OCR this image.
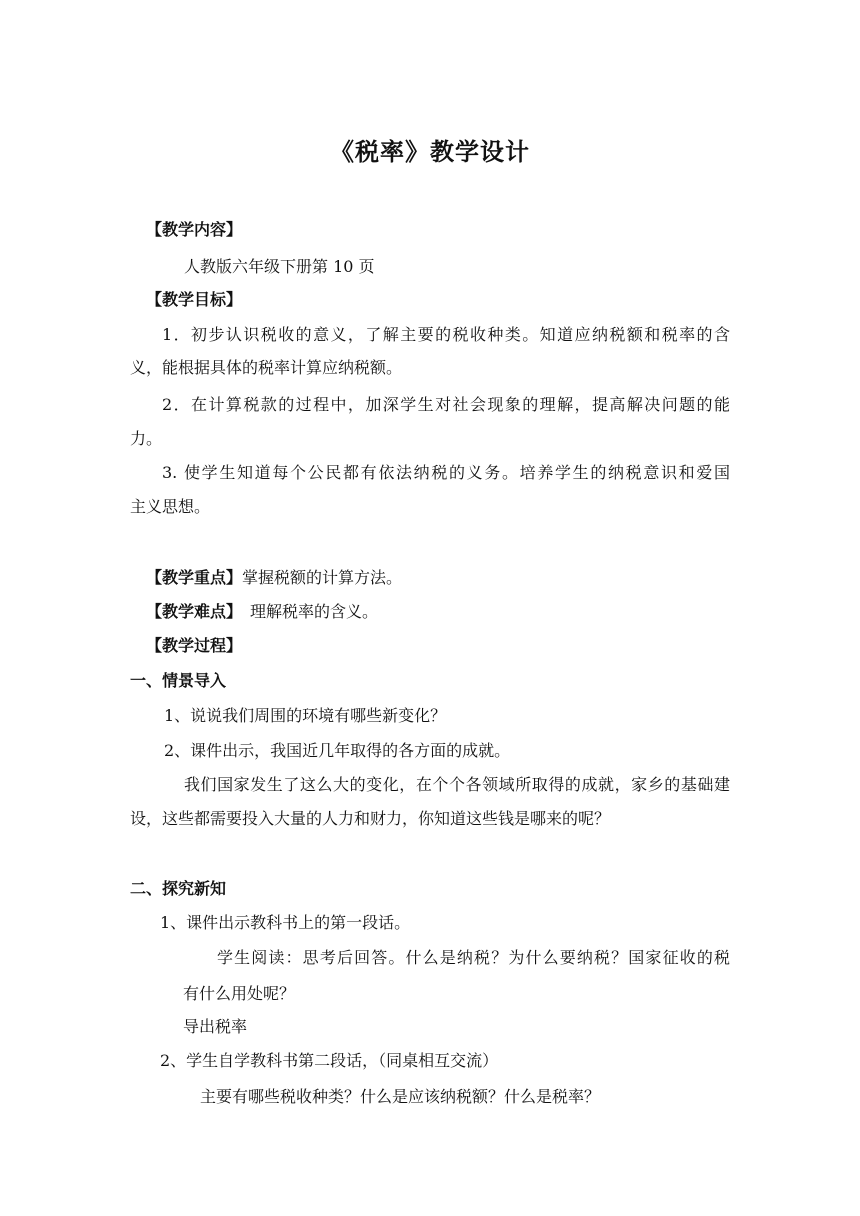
《税率》教学设计
【教学内容】
人教版六年级下册第 10 页
【教学目标】
1．初步认识税收的意义，了解主要的税收种类。知道应纳税额和税率的含
义，能根据具体的税率计算应纳税额。
2．在计算税款的过程中，加深学生对社会现象的理解，提高解决问题的能
力。
3. 使学生知道每个公民都有依法纳税的义务。培养学生的纳税意识和爱国
主义思想。
【教学重点】掌握税额的计算方法。
【教学难点】 理解税率的含义。
【教学过程】
一、情景导入
1、说说我们周围的环境有哪些新变化？
2、课件出示，我国近几年取得的各方面的成就。
我们国家发生了这么大的变化，在个个各领域所取得的成就，家乡的基础建
设，这些都需要投入大量的人力和财力，你知道这些钱是哪来的呢？
二、探究新知
1、课件出示教科书上的第一段话。
学生阅读：思考后回答。什么是纳税？为什么要纳税？国家征收的税
有什么用处呢？
导出税率
2、学生自学教科书第二段话，（同桌相互交流）
主要有哪些税收种类？什么是应该纳税额？什么是税率？
